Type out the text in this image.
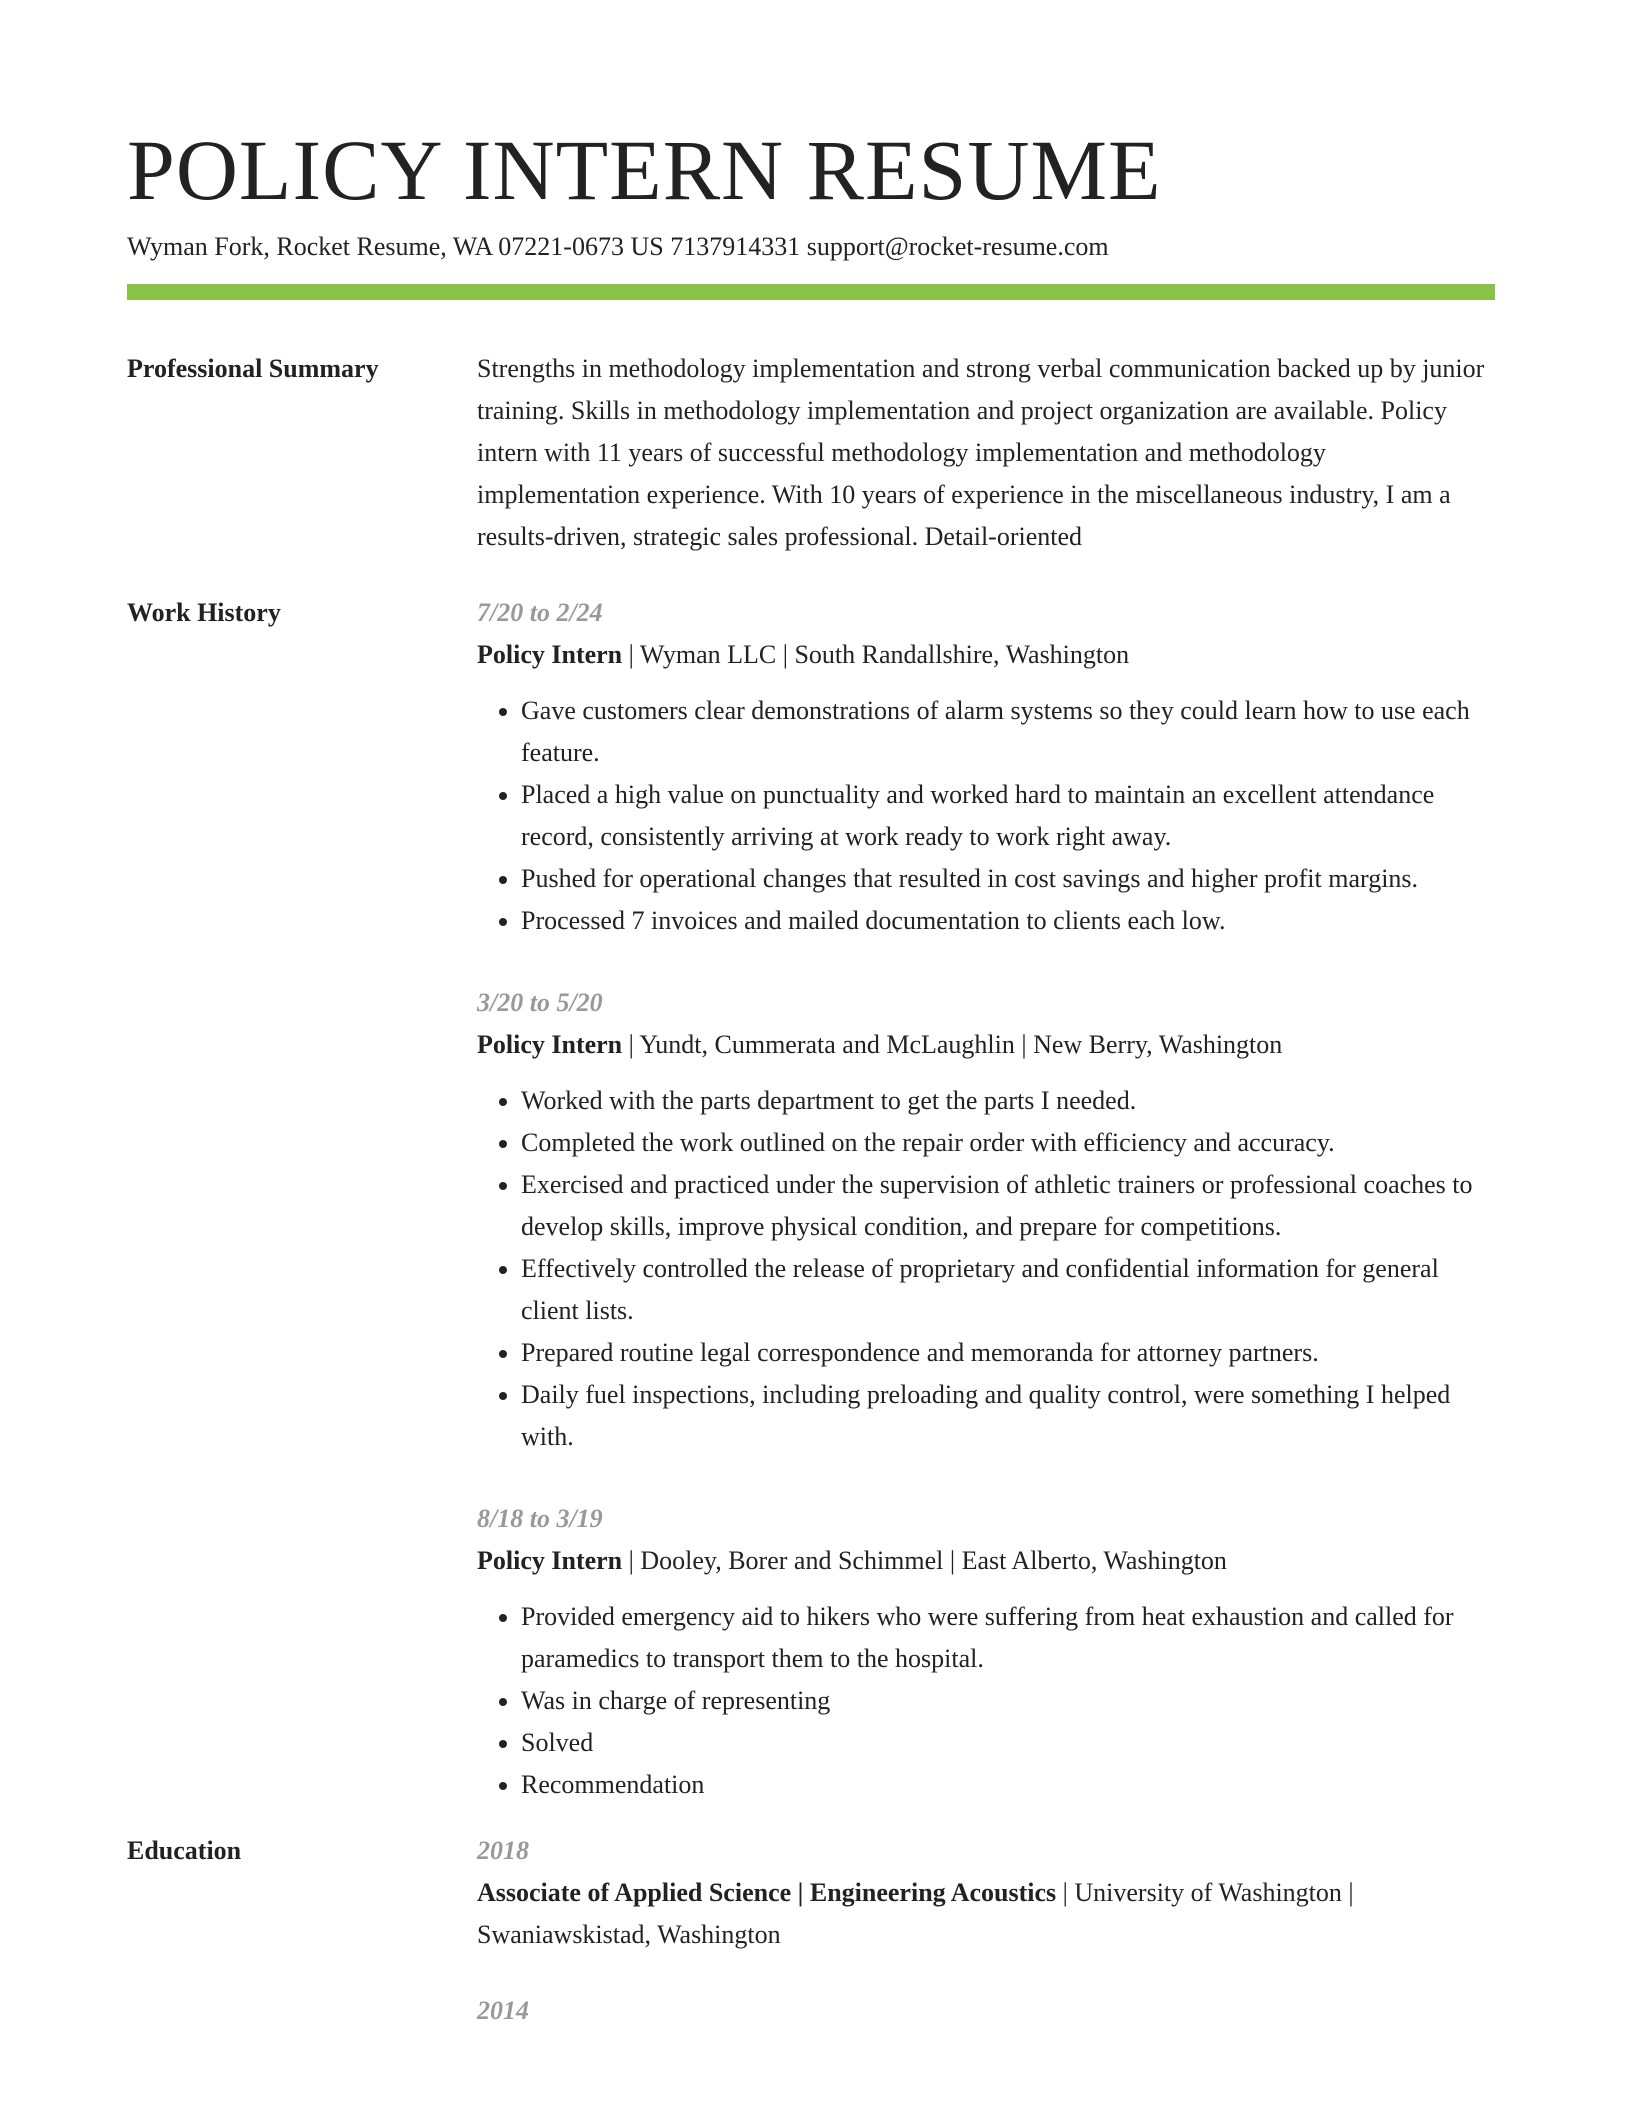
POLICY INTERN RESUME
Wyman Fork, Rocket Resume, WA 07221-0673 US 7137914331 support@rocket-resume.com
Professional Summary	Strengths in methodology implementation and strong verbal communication backed up by junior training. Skills in methodology implementation and project organization are available. Policy intern with 11 years of successful methodology implementation and methodology implementation experience. With 10 years of experience in the miscellaneous industry, I am a results-driven, strategic sales professional. Detail-oriented

Work History	7/20 to 2/24

Policy Intern | Wyman LLC | South Randallshire, Washington

• Gave customers clear demonstrations of alarm systems so they could learn how to use each feature.
• Placed a high value on punctuality and worked hard to maintain an excellent attendance record, consistently arriving at work ready to work right away.
• Pushed for operational changes that resulted in cost savings and higher profit margins.
• Processed 7 invoices and mailed documentation to clients each low.
3/20 to 5/20

Policy Intern | Yundt, Cummerata and McLaughlin | New Berry, Washington

• Worked with the parts department to get the parts I needed.
• Completed the work outlined on the repair order with efficiency and accuracy.
• Exercised and practiced under the supervision of athletic trainers or professional coaches to develop skills, improve physical condition, and prepare for competitions.
• Effectively controlled the release of proprietary and confidential information for general client lists.
• Prepared routine legal correspondence and memoranda for attorney partners.
• Daily fuel inspections, including preloading and quality control, were something I helped with.
8/18 to 3/19

Policy Intern | Dooley, Borer and Schimmel | East Alberto, Washington

• Provided emergency aid to hikers who were suffering from heat exhaustion and called for paramedics to transport them to the hospital.
• Was in charge of representing
• Solved
• Recommendation
Education	2018
Associate of Applied Science | Engineering Acoustics | University of Washington | Swaniawskistad, Washington
2014
